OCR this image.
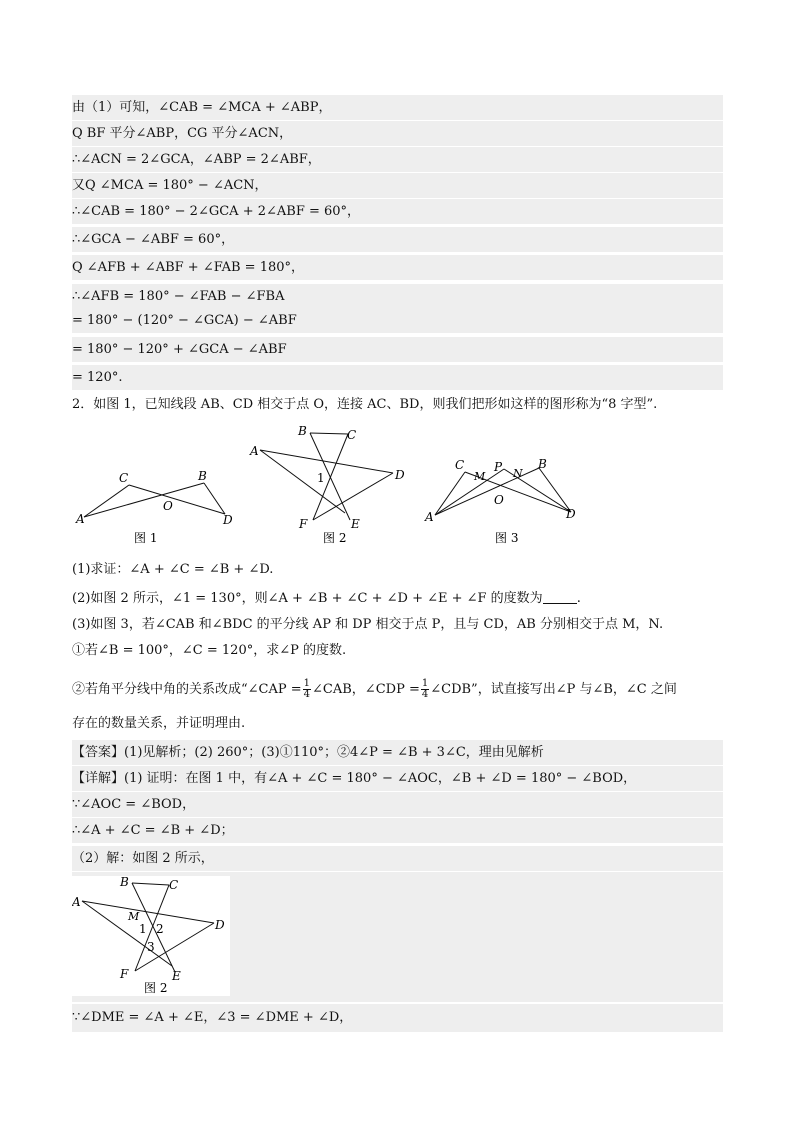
由（1）可知，∠CAB = ∠MCA + ∠ABP，
Q BF 平分∠ABP，CG 平分∠ACN，
∴∠ACN = 2∠GCA，∠ABP = 2∠ABF，
又Q ∠MCA = 180° − ∠ACN，
∴∠CAB = 180° − 2∠GCA + 2∠ABF = 60°，
∴∠GCA − ∠ABF = 60°，
Q ∠AFB + ∠ABF + ∠FAB = 180°，
∴∠AFB = 180° − ∠FAB − ∠FBA
= 180° − (120° − ∠GCA) − ∠ABF
= 180° − 120° + ∠GCA − ∠ABF
= 120°.
2．如图 1，已知线段 AB、CD 相交于点 O，连接 AC、BD，则我们把形如这样的图形称为“8 字型”.
A
C
O
B
D
图 1
B	C
A
1	D
F	E
图 2
C
M
P N
B
O
A	D
图 3
(1)求证：∠A + ∠C = ∠B + ∠D.
(2)如图 2 所示，∠1 = 130°，则∠A + ∠B + ∠C + ∠D + ∠E + ∠F 的度数为	.
(3)如图 3，若∠CAB 和∠BDC 的平分线 AP 和 DP 相交于点 P，且与 CD，AB 分别相交于点 M，N.
①若∠B = 100°，∠C = 120°，求∠P 的度数.
②若角平分线中角的关系改成“∠CAP = $\frac{1}{4}$ ∠CAB，∠CDP = $\frac{1}{4}$ ∠CDB”，试直接写出∠P 与∠B，∠C 之间
存在的数量关系，并证明理由.
【答案】(1)见解析；(2) 260°；(3)①110°；②4∠P = ∠B + 3∠C，理由见解析
【详解】(1) 证明：在图 1 中，有∠A + ∠C = 180° − ∠AOC，∠B + ∠D = 180° − ∠BOD，
∵∠AOC = ∠BOD，
∴∠A + ∠C = ∠B + ∠D；
（2）解：如图 2 所示，
B	C
A
M
1 2
3
D
F	E
图 2
∵∠DME = ∠A + ∠E，∠3 = ∠DME + ∠D，
